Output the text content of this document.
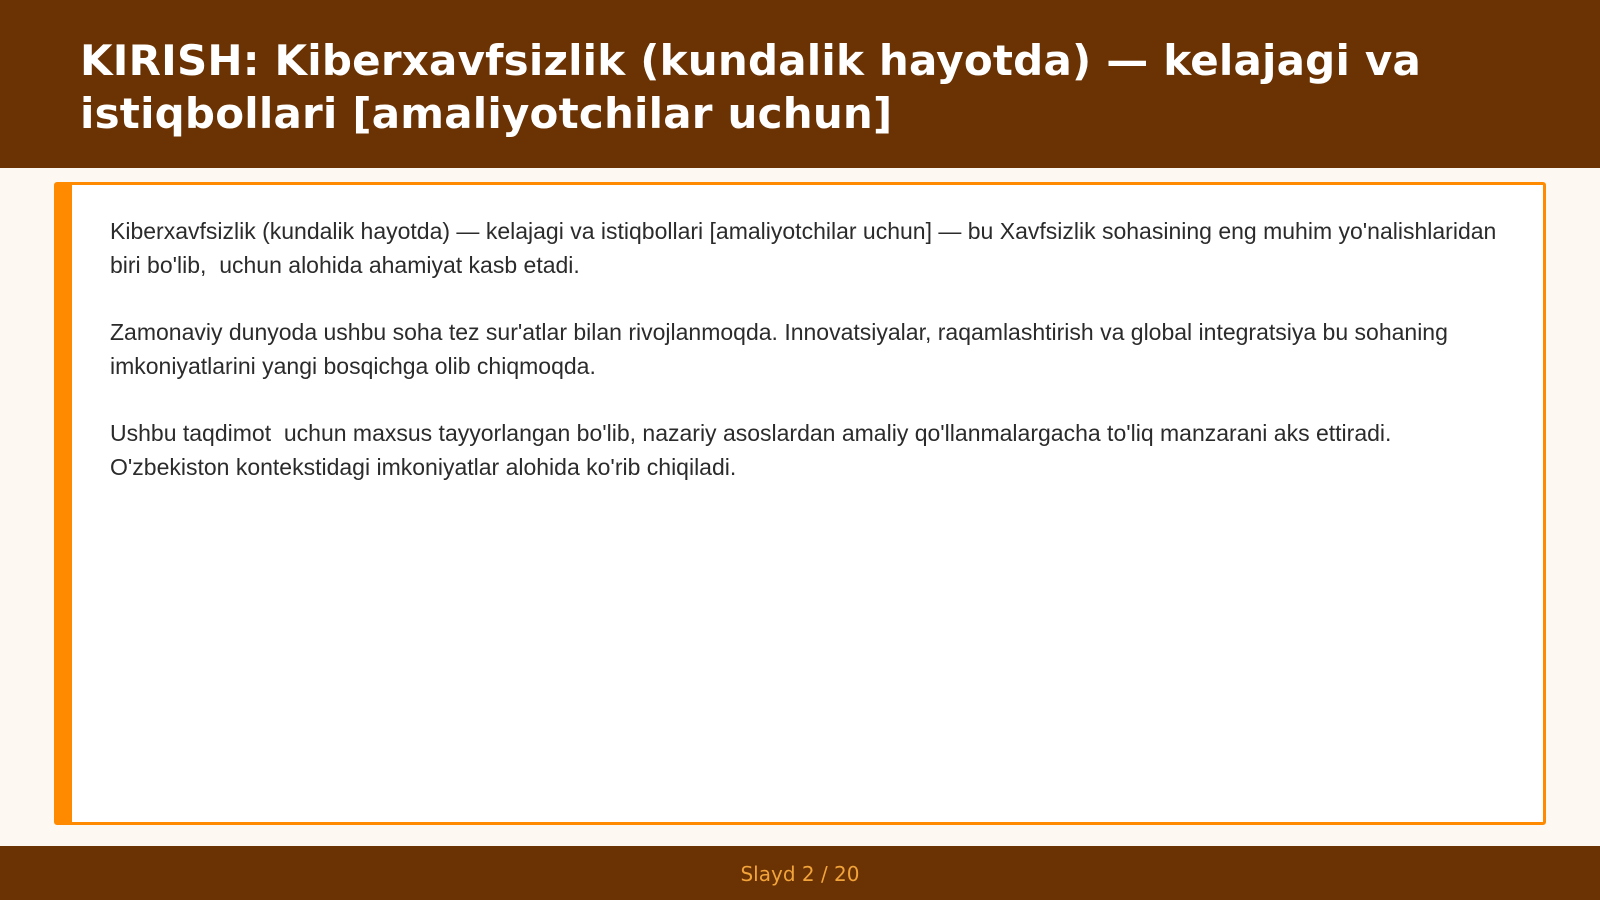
KIRISH: Kiberxavfsizlik (kundalik hayotda) — kelajagi va istiqbollari [amaliyotchilar uchun]

Kiberxavfsizlik (kundalik hayotda) — kelajagi va istiqbollari [amaliyotchilar uchun] — bu Xavfsizlik sohasining eng muhim yo'nalishlaridan biri bo'lib,  uchun alohida ahamiyat kasb etadi.

Zamonaviy dunyoda ushbu soha tez sur'atlar bilan rivojlanmoqda. Innovatsiyalar, raqamlashtirish va global integratsiya bu sohaning imkoniyatlarini yangi bosqichga olib chiqmoqda.

Ushbu taqdimot  uchun maxsus tayyorlangan bo'lib, nazariy asoslardan amaliy qo'llanmalargacha to'liq manzarani aks ettiradi. O'zbekiston kontekstidagi imkoniyatlar alohida ko'rib chiqiladi.

Slayd 2 / 20
